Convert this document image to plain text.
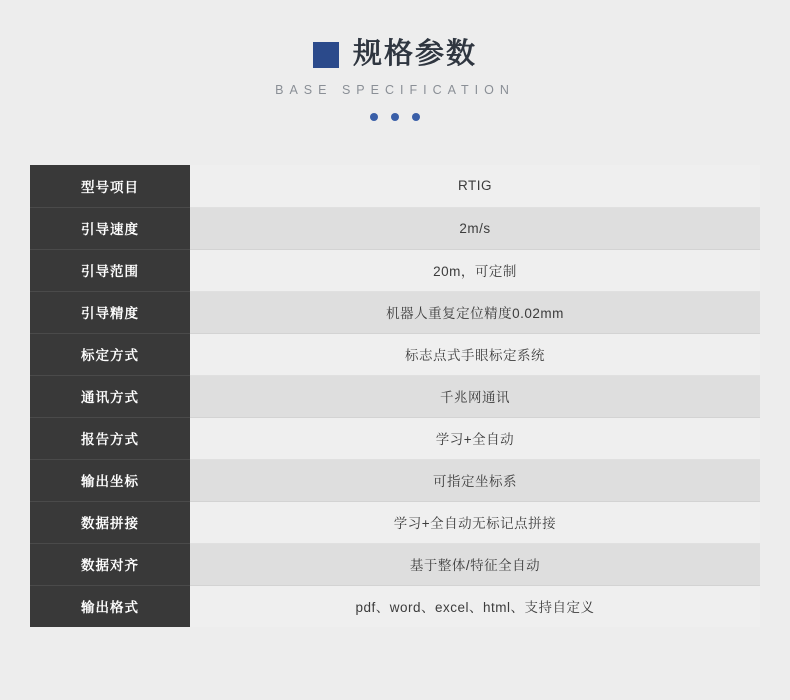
规格参数
BASE SPECIFICATION
型号项目	RTIG
引导速度	2m/s
引导范围	20m，可定制
引导精度	机器人重复定位精度0.02mm
标定方式	标志点式手眼标定系统
通讯方式	千兆网通讯
报告方式	学习+全自动
输出坐标	可指定坐标系
数据拼接	学习+全自动无标记点拼接
数据对齐	基于整体/特征全自动
输出格式	pdf、word、excel、html、支持自定义
